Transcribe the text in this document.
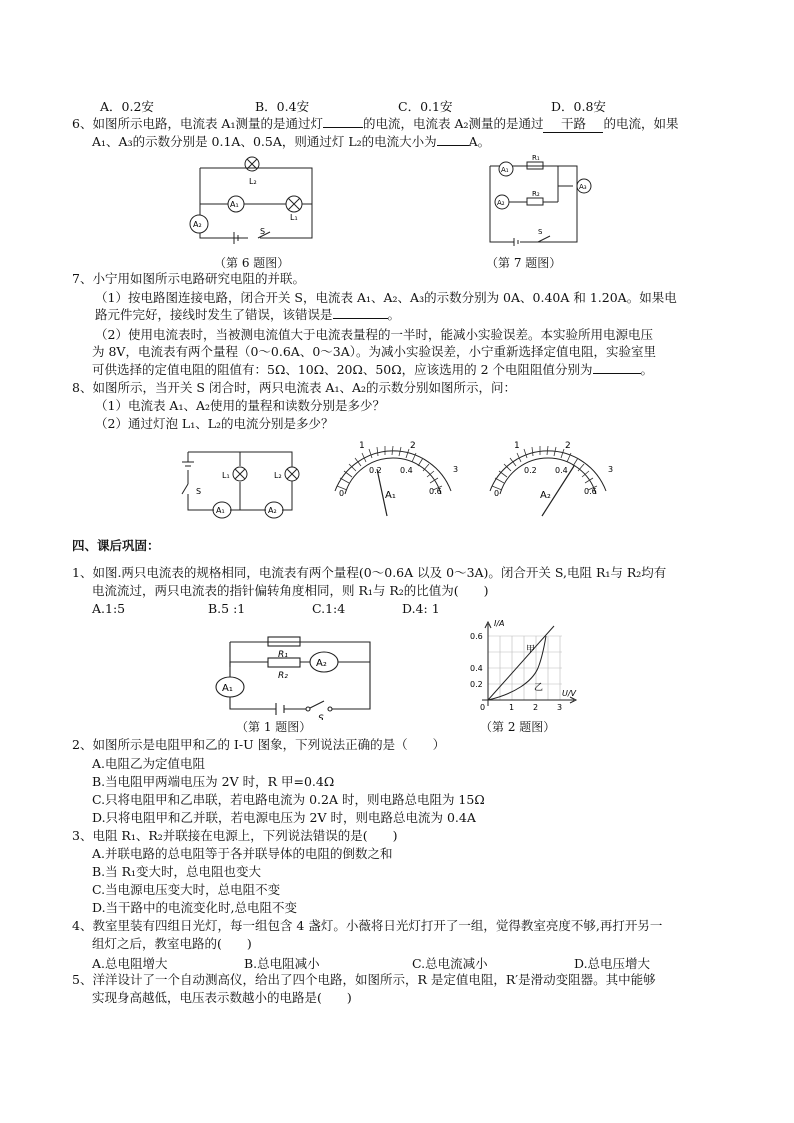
A．0.2安	B．0.4安	C．0.1安	D．0.8安
6、如图所示电路，电流表 A₁测量的是通过灯	的电流，电流表 A₂测量的是通过 干路 的电流，如果
A₁、A₃的示数分别是 0.1A、0.5A，则通过灯 L₂的电流大小为	A。
L₂
A₁
L₁
A₂
S
（第 6 题图）
A₁
R₁
R₂
A₂
A₃
S
（第 7 题图）
7、小宁用如图所示电路研究电阻的并联。
（1）按电路图连接电路，闭合开关 S，电流表 A₁、A₂、A₃的示数分别为 0A、0.40A 和 1.20A。如果电
路元件完好，接线时发生了错误，该错误是	。
（2）使用电流表时，当被测电流值大于电流表量程的一半时，能减小实验误差。本实验所用电源电压
为 8V，电流表有两个量程（0～0.6A、0～3A）。为减小实验误差，小宁重新选择定值电阻，实验室里
可供选择的定值电阻的阻值有：5Ω、10Ω、20Ω、50Ω，应该选用的 2 个电阻阻值分别为	。
8、如图所示，当开关 S 闭合时，两只电流表 A₁、A₂的示数分别如图所示，问：
（1）电流表 A₁、A₂使用的量程和读数分别是多少？
（2）通过灯泡 L₁、L₂的电流分别是多少？
L₁	L₂
S
A₁	A₂
1	2
3
0
0.2 0.4
0.6
A₁
1	2
3
0
0.2 0.4
0.6
A₂
四、课后巩固：
1、如图.两只电流表的规格相同，电流表有两个量程(0～0.6A 以及 0～3A)。闭合开关 S,电阻 R₁与 R₂均有
电流流过，两只电流表的指针偏转角度相同，则 R₁与 R₂的比值为(　　)
A.1:5	B.5 :1	C.1:4	D.4: 1
R₁
R₂
A₂
A₁
S
（第 1 题图）
I/A
U/V
0.6
0.4
0.2
0	1 2 3
甲
乙
（第 2 题图）
2、如图所示是电阻甲和乙的 I-U 图象，下列说法正确的是（　　）
A.电阻乙为定值电阻
B.当电阻甲两端电压为 2V 时，R 甲=0.4Ω
C.只将电阻甲和乙串联，若电路电流为 0.2A 时，则电路总电阻为 15Ω
D.只将电阻甲和乙并联，若电源电压为 2V 时，则电路总电流为 0.4A
3、电阻 R₁、R₂并联接在电源上，下列说法错误的是(　　)
A.并联电路的总电阻等于各并联导体的电阻的倒数之和
B.当 R₁变大时，总电阻也变大
C.当电源电压变大时，总电阻不变
D.当干路中的电流变化时,总电阻不变
4、教室里装有四组日光灯，每一组包含 4 盏灯。小薇将日光灯打开了一组，觉得教室亮度不够,再打开另一
组灯之后，教室电路的(　　)
A.总电阻增大	B.总电阻减小	C.总电流减小	D.总电压增大
5、洋洋设计了一个自动测高仪，给出了四个电路，如图所示，R 是定值电阻，R′是滑动变阻器。其中能够
实现身高越低，电压表示数越小的电路是(　　)
